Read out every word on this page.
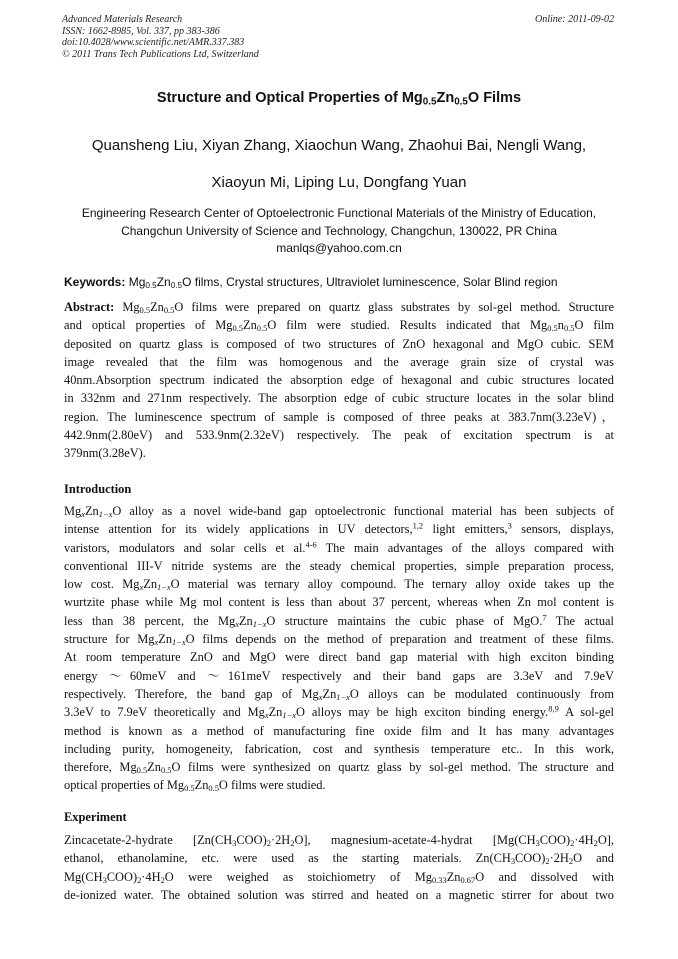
Advanced Materials Research
ISSN: 1662-8985, Vol. 337, pp 383-386
doi:10.4028/www.scientific.net/AMR.337.383
© 2011 Trans Tech Publications Ltd, Switzerland
Online: 2011-09-02
Structure and Optical Properties of $Mg_{0.5}Zn_{0.5}O$ Films
Quansheng Liu, Xiyan Zhang, Xiaochun Wang, Zhaohui Bai, Nengli Wang,
Xiaoyun Mi, Liping Lu, Dongfang Yuan
Engineering Research Center of Optoelectronic Functional Materials of the Ministry of Education,
Changchun University of Science and Technology, Changchun, 130022, PR China
manlqs@yahoo.com.cn
Keywords: $Mg_{0.5}Zn_{0.5}O$ films, Crystal structures, Ultraviolet luminescence, Solar Blind region
Abstract: $Mg_{0.5}Zn_{0.5}O$ films were prepared on quartz glass substrates by sol-gel method. Structure
and optical properties of $Mg_{0.5}Zn_{0.5}O$ film were studied. Results indicated that $Mg_{0.5}n_{0.5}O$ film
deposited on quartz glass is composed of two structures of ZnO hexagonal and MgO cubic. SEM
image revealed that the film was homogenous and the average grain size of crystal was
40nm.Absorption spectrum indicated the absorption edge of hexagonal and cubic structures located
in 332nm and 271nm respectively. The absorption edge of cubic structure locates in the solar blind
region. The luminescence spectrum of sample is composed of three peaks at 383.7nm(3.23eV)，
442.9nm(2.80eV) and 533.9nm(2.32eV) respectively. The peak of excitation spectrum is at
379nm(3.28eV).
Introduction
$Mg_xZn_{1-x}O$ alloy as a novel wide-band gap optoelectronic functional material has been subjects of
intense attention for its widely applications in UV detectors,$^{1,2}$ light emitters,$^3$ sensors, displays,
varistors, modulators and solar cells et al.$^{4-6}$ The main advantages of the alloys compared with
conventional III-V nitride systems are the steady chemical properties, simple preparation process,
low cost. $Mg_xZn_{1-x}O$ material was ternary alloy compound. The ternary alloy oxide takes up the
wurtzite phase while Mg mol content is less than about 37 percent, whereas when Zn mol content is
less than 38 percent, the $Mg_xZn_{1-x}O$ structure maintains the cubic phase of MgO.$^7$ The actual
structure for $Mg_xZn_{1-x}O$ films depends on the method of preparation and treatment of these films.
At room temperature ZnO and MgO were direct band gap material with high exciton binding
energy ～60meV and ～161meV respectively and their band gaps are 3.3eV and 7.9eV
respectively. Therefore, the band gap of $Mg_xZn_{1-x}O$ alloys can be modulated continuously from
3.3eV to 7.9eV theoretically and $Mg_xZn_{1-x}O$ alloys may be high exciton binding energy.$^{8,9}$ A sol-gel
method is known as a method of manufacturing fine oxide film and It has many advantages
including purity, homogeneity, fabrication, cost and synthesis temperature etc.. In this work,
therefore, $Mg_{0.5}Zn_{0.5}O$ films were synthesized on quartz glass by sol-gel method. The structure and
optical properties of $Mg_{0.5}Zn_{0.5}O$ films were studied.
Experiment
Zincacetate-2-hydrate $[Zn(CH_3COO)_2\cdot 2H_2O]$, magnesium-acetate-4-hydrat $[Mg(CH_3COO)_2\cdot 4H_2O]$,
ethanol, ethanolamine, etc. were used as the starting materials. $Zn(CH_3COO)_2\cdot 2H_2O$ and
$Mg(CH_3COO)_2\cdot 4H_2O$ were weighed as stoichiometry of $Mg_{0.33}Zn_{0.67}O$ and dissolved with
de-ionized water. The obtained solution was stirred and heated on a magnetic stirrer for about two
